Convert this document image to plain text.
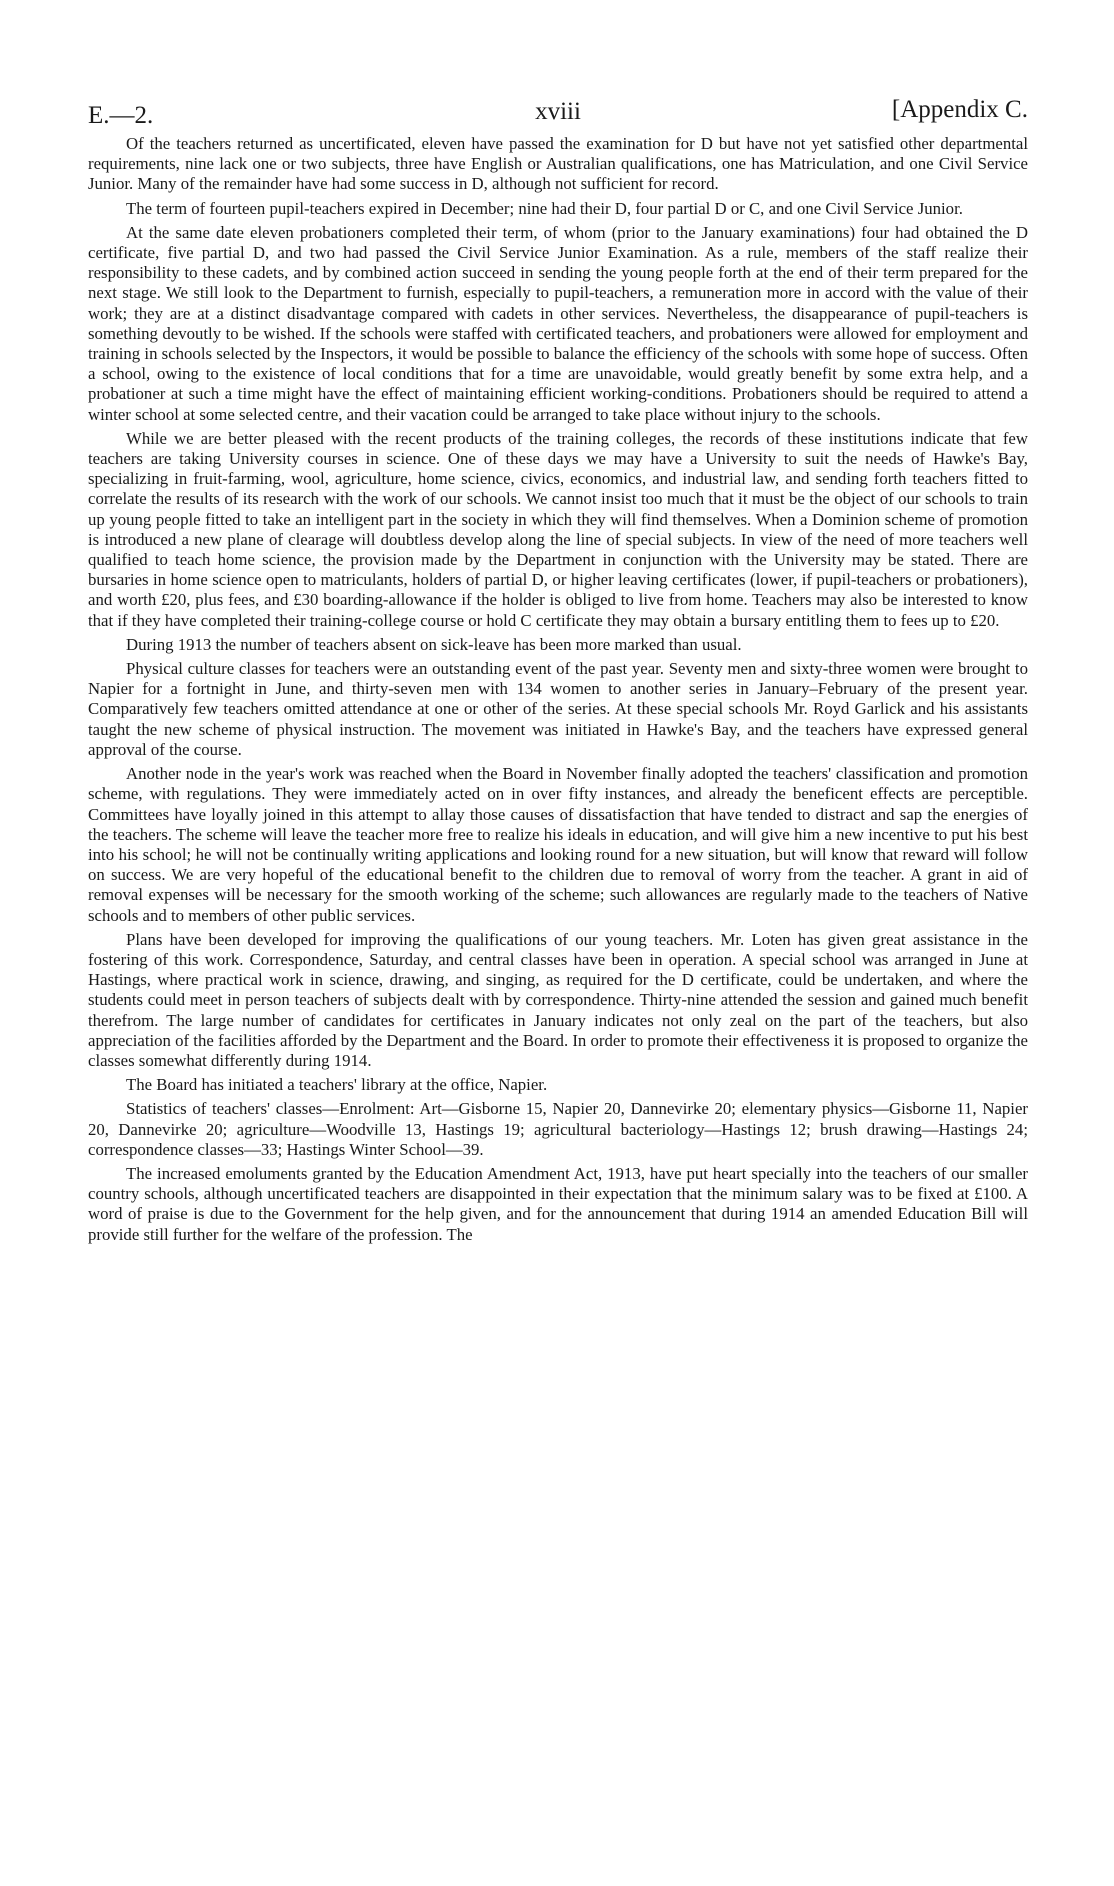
E.—2.	xviii	[Appendix C.

Of the teachers returned as uncertificated, eleven have passed the examination for D but have not yet satisfied other departmental requirements, nine lack one or two subjects, three have English or Australian qualifications, one has Matriculation, and one Civil Service Junior. Many of the remainder have had some success in D, although not sufficient for record.

The term of fourteen pupil-teachers expired in December; nine had their D, four partial D or C, and one Civil Service Junior.

At the same date eleven probationers completed their term, of whom (prior to the January examinations) four had obtained the D certificate, five partial D, and two had passed the Civil Service Junior Examination. As a rule, members of the staff realize their responsibility to these cadets, and by combined action succeed in sending the young people forth at the end of their term prepared for the next stage. We still look to the Department to furnish, especially to pupil-teachers, a remuneration more in accord with the value of their work; they are at a distinct disadvantage compared with cadets in other services. Nevertheless, the disappearance of pupil-teachers is something devoutly to be wished. If the schools were staffed with certificated teachers, and probationers were allowed for employment and training in schools selected by the Inspectors, it would be possible to balance the efficiency of the schools with some hope of success. Often a school, owing to the existence of local conditions that for a time are unavoidable, would greatly benefit by some extra help, and a probationer at such a time might have the effect of maintaining efficient working-conditions. Probationers should be required to attend a winter school at some selected centre, and their vacation could be arranged to take place without injury to the schools.

While we are better pleased with the recent products of the training colleges, the records of these institutions indicate that few teachers are taking University courses in science. One of these days we may have a University to suit the needs of Hawke's Bay, specializing in fruit-farming, wool, agriculture, home science, civics, economics, and industrial law, and sending forth teachers fitted to correlate the results of its research with the work of our schools. We cannot insist too much that it must be the object of our schools to train up young people fitted to take an intelligent part in the society in which they will find themselves. When a Dominion scheme of promotion is introduced a new plane of clearage will doubtless develop along the line of special subjects. In view of the need of more teachers well qualified to teach home science, the provision made by the Department in conjunction with the University may be stated. There are bursaries in home science open to matriculants, holders of partial D, or higher leaving certificates (lower, if pupil-teachers or probationers), and worth £20, plus fees, and £30 boarding-allowance if the holder is obliged to live from home. Teachers may also be interested to know that if they have completed their training-college course or hold C certificate they may obtain a bursary entitling them to fees up to £20.

During 1913 the number of teachers absent on sick-leave has been more marked than usual.

Physical culture classes for teachers were an outstanding event of the past year. Seventy men and sixty-three women were brought to Napier for a fortnight in June, and thirty-seven men with 134 women to another series in January–February of the present year. Comparatively few teachers omitted attendance at one or other of the series. At these special schools Mr. Royd Garlick and his assistants taught the new scheme of physical instruction. The movement was initiated in Hawke's Bay, and the teachers have expressed general approval of the course.

Another node in the year's work was reached when the Board in November finally adopted the teachers' classification and promotion scheme, with regulations. They were immediately acted on in over fifty instances, and already the beneficent effects are perceptible. Committees have loyally joined in this attempt to allay those causes of dissatisfaction that have tended to distract and sap the energies of the teachers. The scheme will leave the teacher more free to realize his ideals in education, and will give him a new incentive to put his best into his school; he will not be continually writing applications and looking round for a new situation, but will know that reward will follow on success. We are very hopeful of the educational benefit to the children due to removal of worry from the teacher. A grant in aid of removal expenses will be necessary for the smooth working of the scheme; such allowances are regularly made to the teachers of Native schools and to members of other public services.

Plans have been developed for improving the qualifications of our young teachers. Mr. Loten has given great assistance in the fostering of this work. Correspondence, Saturday, and central classes have been in operation. A special school was arranged in June at Hastings, where practical work in science, drawing, and singing, as required for the D certificate, could be undertaken, and where the students could meet in person teachers of subjects dealt with by correspondence. Thirty-nine attended the session and gained much benefit therefrom. The large number of candidates for certificates in January indicates not only zeal on the part of the teachers, but also appreciation of the facilities afforded by the Department and the Board. In order to promote their effectiveness it is proposed to organize the classes somewhat differently during 1914.

The Board has initiated a teachers' library at the office, Napier.

Statistics of teachers' classes—Enrolment: Art—Gisborne 15, Napier 20, Dannevirke 20; elementary physics—Gisborne 11, Napier 20, Dannevirke 20; agriculture—Woodville 13, Hastings 19; agricultural bacteriology—Hastings 12; brush drawing—Hastings 24; correspondence classes—33; Hastings Winter School—39.

The increased emoluments granted by the Education Amendment Act, 1913, have put heart specially into the teachers of our smaller country schools, although uncertificated teachers are disappointed in their expectation that the minimum salary was to be fixed at £100. A word of praise is due to the Government for the help given, and for the announcement that during 1914 an amended Education Bill will provide still further for the welfare of the profession. The
